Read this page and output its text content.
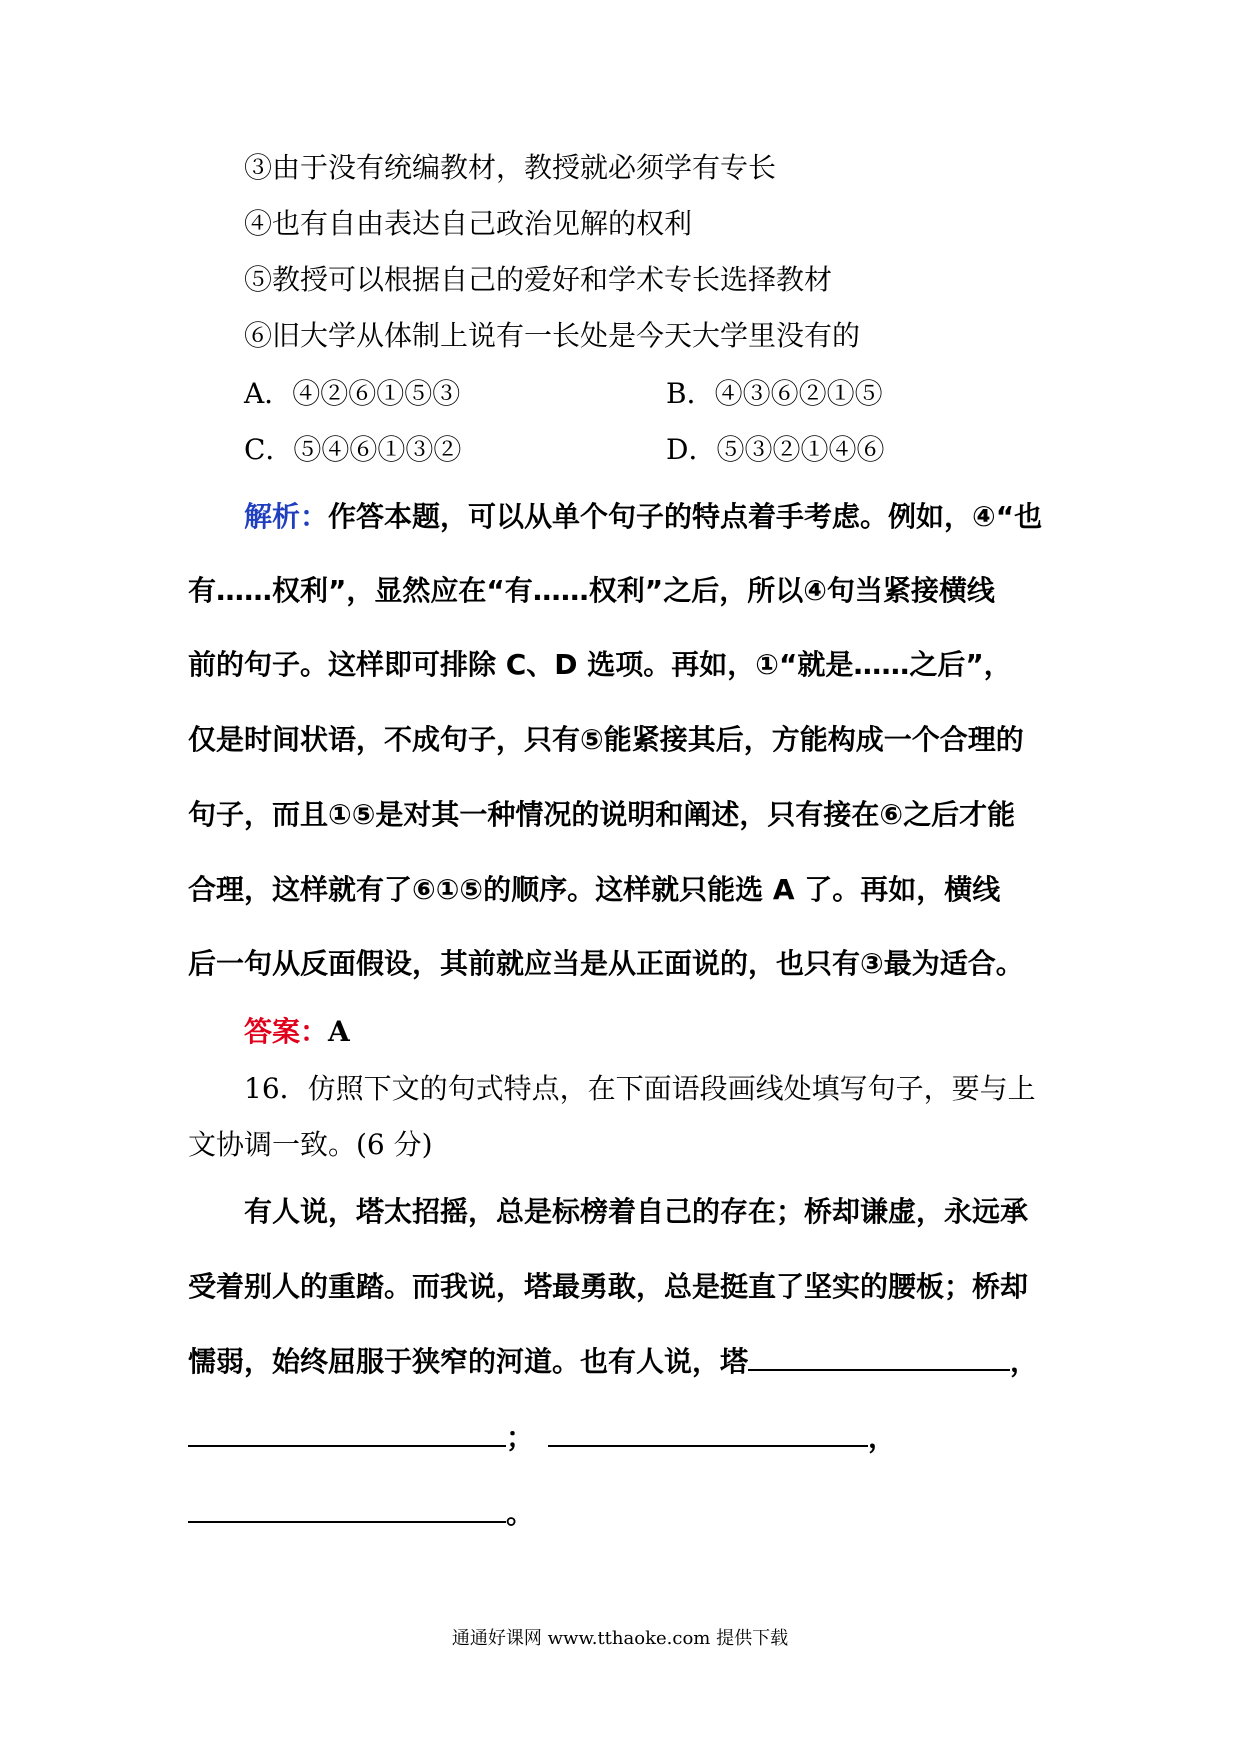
③由于没有统编教材，教授就必须学有专长
④也有自由表达自己政治见解的权利
⑤教授可以根据自己的爱好和学术专长选择教材
⑥旧大学从体制上说有一长处是今天大学里没有的
A．④②⑥①⑤③	B．④③⑥②①⑤
C．⑤④⑥①③②	D．⑤③②①④⑥
解析：作答本题，可以从单个句子的特点着手考虑。例如，④“也
有……权利”，显然应在“有……权利”之后，所以④句当紧接横线
前的句子。这样即可排除 C、D 选项。再如，①“就是……之后”，
仅是时间状语，不成句子，只有⑤能紧接其后，方能构成一个合理的
句子，而且①⑤是对其一种情况的说明和阐述，只有接在⑥之后才能
合理，这样就有了⑥①⑤的顺序。这样就只能选 A 了。再如，横线
后一句从反面假设，其前就应当是从正面说的，也只有③最为适合。
答案：A
16．仿照下文的句式特点，在下面语段画线处填写句子，要与上
文协调一致。(6 分)
有人说，塔太招摇，总是标榜着自己的存在；桥却谦虚，永远承
受着别人的重踏。而我说，塔最勇敢，总是挺直了坚实的腰板；桥却
懦弱，始终屈服于狭窄的河道。也有人说，塔	，
；	，
。
通通好课网 www.tthaoke.com 提供下载
